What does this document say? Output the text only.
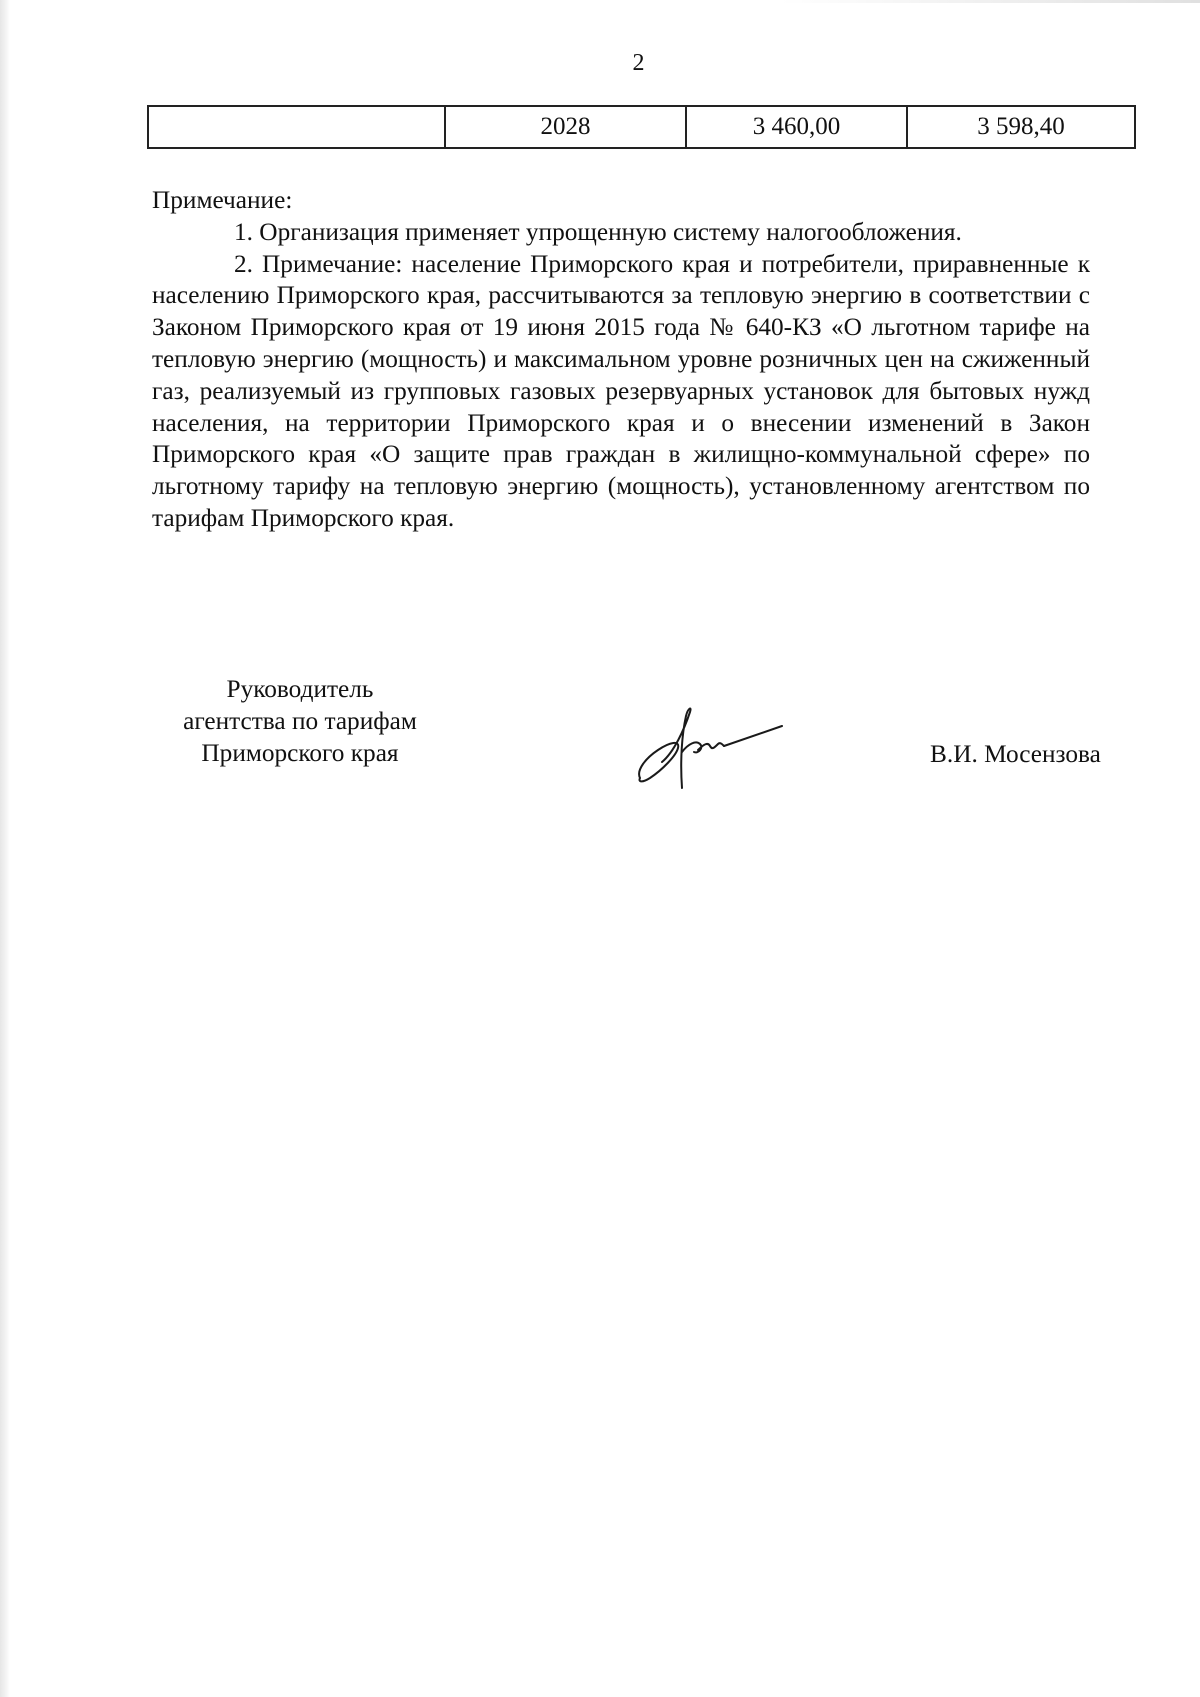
2
	2028	3 460,00	3 598,40

Примечание:

1. Организация применяет упрощенную систему налогообложения.

2. Примечание: население Приморского края и потребители, приравненные к населению Приморского края, рассчитываются за тепловую энергию в соответствии с Законом Приморского края от 19 июня 2015 года № 640-КЗ «О льготном тарифе на тепловую энергию (мощность) и максимальном уровне розничных цен на сжиженный газ, реализуемый из групповых газовых резервуарных установок для бытовых нужд населения, на территории Приморского края и о внесении изменений в Закон Приморского края «О защите прав граждан в жилищно-коммунальной сфере» по льготному тарифу на тепловую энергию (мощность), установленному агентством по тарифам Приморского края.

Руководитель
агентства по тарифам
Приморского края	В.И. Мосензова
